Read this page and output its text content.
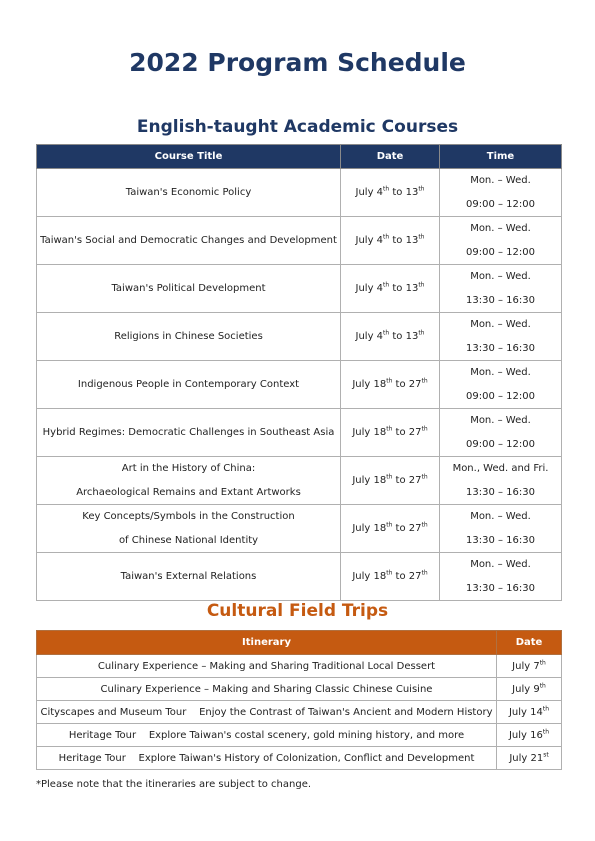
2022 Program Schedule
English-taught Academic Courses
Course Title	Date	Time
Taiwan's Economic Policy	July 4th to 13th	Mon. – Wed.
09:00 – 12:00
Taiwan's Social and Democratic Changes and Development	July 4th to 13th	Mon. – Wed.
09:00 – 12:00
Taiwan's Political Development	July 4th to 13th	Mon. – Wed.
13:30 – 16:30
Religions in Chinese Societies	July 4th to 13th	Mon. – Wed.
13:30 – 16:30
Indigenous People in Contemporary Context	July 18th to 27th	Mon. – Wed.
09:00 – 12:00
Hybrid Regimes: Democratic Challenges in Southeast Asia	July 18th to 27th	Mon. – Wed.
09:00 – 12:00
Art in the History of China:
Archaeological Remains and Extant Artworks	July 18th to 27th	Mon., Wed. and Fri.
13:30 – 16:30
Key Concepts/Symbols in the Construction
of Chinese National Identity	July 18th to 27th	Mon. – Wed.
13:30 – 16:30
Taiwan's External Relations	July 18th to 27th	Mon. – Wed.
13:30 – 16:30
Cultural Field Trips
Itinerary	Date
Culinary Experience – Making and Sharing Traditional Local Dessert	July 7th
Culinary Experience – Making and Sharing Classic Chinese Cuisine	July 9th
Cityscapes and Museum Tour    Enjoy the Contrast of Taiwan's Ancient and Modern History	July 14th
Heritage Tour    Explore Taiwan's costal scenery, gold mining history, and more	July 16th
Heritage Tour    Explore Taiwan's History of Colonization, Conflict and Development	July 21st
*Please note that the itineraries are subject to change.
